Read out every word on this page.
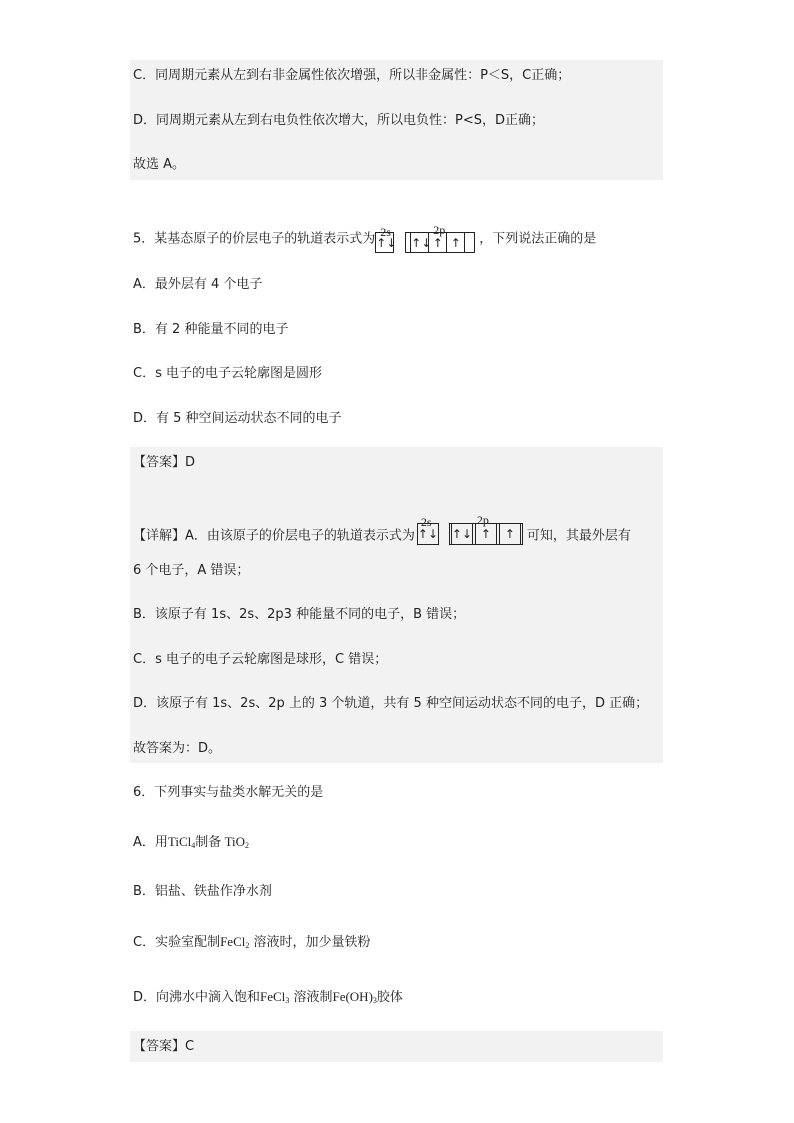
C．同周期元素从左到右非金属性依次增强，所以非金属性：P＜S，C正确；
D．同周期元素从左到右电负性依次增大，所以电负性：P<S，D正确；
故选 A。
5．某基态原子的价层电子的轨道表示式为 2s	2p
↑↓ ↑↓ ↑ ↑	，下列说法正确的是
A．最外层有 4 个电子
B．有 2 种能量不同的电子
C．s 电子的电子云轮廓图是圆形
D．有 5 种空间运动状态不同的电子
【答案】D
【详解】A．由该原子的价层电子的轨道表示式为
2s	2p
↑↓ ↑↓ ↑	↑ 可知，其最外层有
6 个电子，A 错误；
B．该原子有 1s、2s、2p3 种能量不同的电子，B 错误；
C．s 电子的电子云轮廓图是球形，C 错误；
D．该原子有 1s、2s、2p 上的 3 个轨道，共有 5 种空间运动状态不同的电子，D 正确；
故答案为：D。
6．下列事实与盐类水解无关的是
A．用TiCl$_4$制备 TiO$_2$
B．铝盐、铁盐作净水剂
C．实验室配制FeCl$_2$ 溶液时，加少量铁粉
D．向沸水中滴入饱和FeCl$_3$ 溶液制$Fe(OH)_3$胶体
【答案】C
